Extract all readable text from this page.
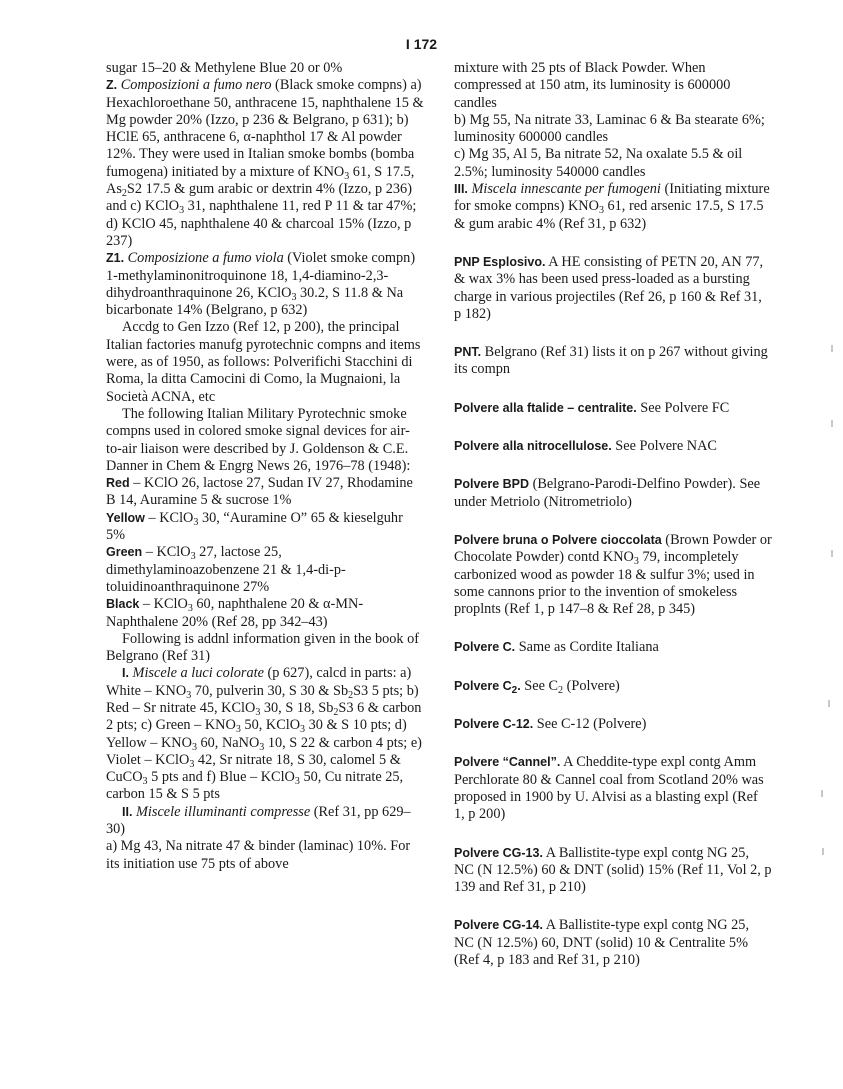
I 172

sugar 15–20 & Methylene Blue 20 or 0%

Z. Composizioni a fumo nero (Black smoke compns) a) Hexachloroethane 50, anthracene 15, naphthalene 15 & Mg powder 20% (Izzo, p 236 & Belgrano, p 631); b) HClE 65, anthracene 6, α-naphthol 17 & Al powder 12%. They were used in Italian smoke bombs (bomba fumogena) initiated by a mixture of $KNO_3$ 61, S 17.5, $As_2S2$ 17.5 & gum arabic or dextrin 4% (Izzo, p 236) and c) KClO$_3$ 31, naphthalene 11, red P 11 & tar 47%; d) KClO 45, naphthalene 40 & charcoal 15% (Izzo, p 237)

Z1. Composizione a fumo viola (Violet smoke compn) 1-methylaminonitroquinone 18, 1,4-diamino-2,3-dihydroanthraquinone 26, KClO$_3$ 30.2, S 11.8 & Na bicarbonate 14% (Belgrano, p 632)

Accdg to Gen Izzo (Ref 12, p 200), the principal Italian factories manufg pyrotechnic compns and items were, as of 1950, as follows: Polverifichi Stacchini di Roma, la ditta Camocini di Como, la Mugnaioni, la Società ACNA, etc

The following Italian Military Pyrotechnic smoke compns used in colored smoke signal devices for air-to-air liaison were described by J. Goldenson & C.E. Danner in Chem & Engrg News 26, 1976–78 (1948):

Red – KClO 26, lactose 27, Sudan IV 27, Rhodamine B 14, Auramine 5 & sucrose 1%

Yellow – KClO$_3$ 30, “Auramine O” 65 & kieselguhr 5%

Green – KClO$_3$ 27, lactose 25, dimethylaminoazobenzene 21 & 1,4-di-p-toluidinoanthraquinone 27%

Black – KClO$_3$ 60, naphthalene 20 & α-MN-Naphthalene 20% (Ref 28, pp 342–43)

Following is addnl information given in the book of Belgrano (Ref 31)

I. Miscele a luci colorate (p 627), calcd in parts: a) White – $KNO_3$ 70, pulverin 30, S 30 & $Sb_2S3$ 5 pts; b) Red – Sr nitrate 45, KClO$_3$ 30, S 18, $Sb_2S3$ 6 & carbon 2 pts; c) Green – $KNO_3$ 50, KClO$_3$ 30 & S 10 pts; d) Yellow – $KNO_3$ 60, NaNO$_3$ 10, S 22 & carbon 4 pts; e) Violet – KClO$_3$ 42, Sr nitrate 18, S 30, calomel 5 & CuCO$_3$ 5 pts and f) Blue – KClO$_3$ 50, Cu nitrate 25, carbon 15 & S 5 pts

II. Miscele illuminanti compresse (Ref 31, pp 629–30)

a) Mg 43, Na nitrate 47 & binder (laminac) 10%. For its initiation use 75 pts of above

mixture with 25 pts of Black Powder. When compressed at 150 atm, its luminosity is 600000 candles

b) Mg 55, Na nitrate 33, Laminac 6 & Ba stearate 6%; luminosity 600000 candles

c) Mg 35, Al 5, Ba nitrate 52, Na oxalate 5.5 & oil 2.5%; luminosity 540000 candles

III. Miscela innescante per fumogeni (Initiating mixture for smoke compns) $KNO_3$ 61, red arsenic 17.5, S 17.5 & gum arabic 4% (Ref 31, p 632)

PNP Esplosivo. A HE consisting of PETN 20, AN 77, & wax 3% has been used press-loaded as a bursting charge in various projectiles (Ref 26, p 160 & Ref 31, p 182)

PNT. Belgrano (Ref 31) lists it on p 267 without giving its compn

Polvere alla ftalide – centralite. See Polvere FC

Polvere alla nitrocellulose. See Polvere NAC

Polvere BPD (Belgrano-Parodi-Delfino Powder). See under Metriolo (Nitrometriolo)

Polvere bruna o Polvere cioccolata (Brown Powder or Chocolate Powder) contd $KNO_3$ 79, incompletely carbonized wood as powder 18 & sulfur 3%; used in some cannons prior to the invention of smokeless proplnts (Ref 1, p 147–8 & Ref 28, p 345)

Polvere C. Same as Cordite Italiana

Polvere $C_2$. See $C_2$ (Polvere)

Polvere C-12. See C-12 (Polvere)

Polvere “Cannel”. A Cheddite-type expl contg Amm Perchlorate 80 & Cannel coal from Scotland 20% was proposed in 1900 by U. Alvisi as a blasting expl (Ref 1, p 200)

Polvere CG-13. A Ballistite-type expl contg NG 25, NC (N 12.5%) 60 & DNT (solid) 15% (Ref 11, Vol 2, p 139 and Ref 31, p 210)

Polvere CG-14. A Ballistite-type expl contg NG 25, NC (N 12.5%) 60, DNT (solid) 10 & Centralite 5% (Ref 4, p 183 and Ref 31, p 210)
